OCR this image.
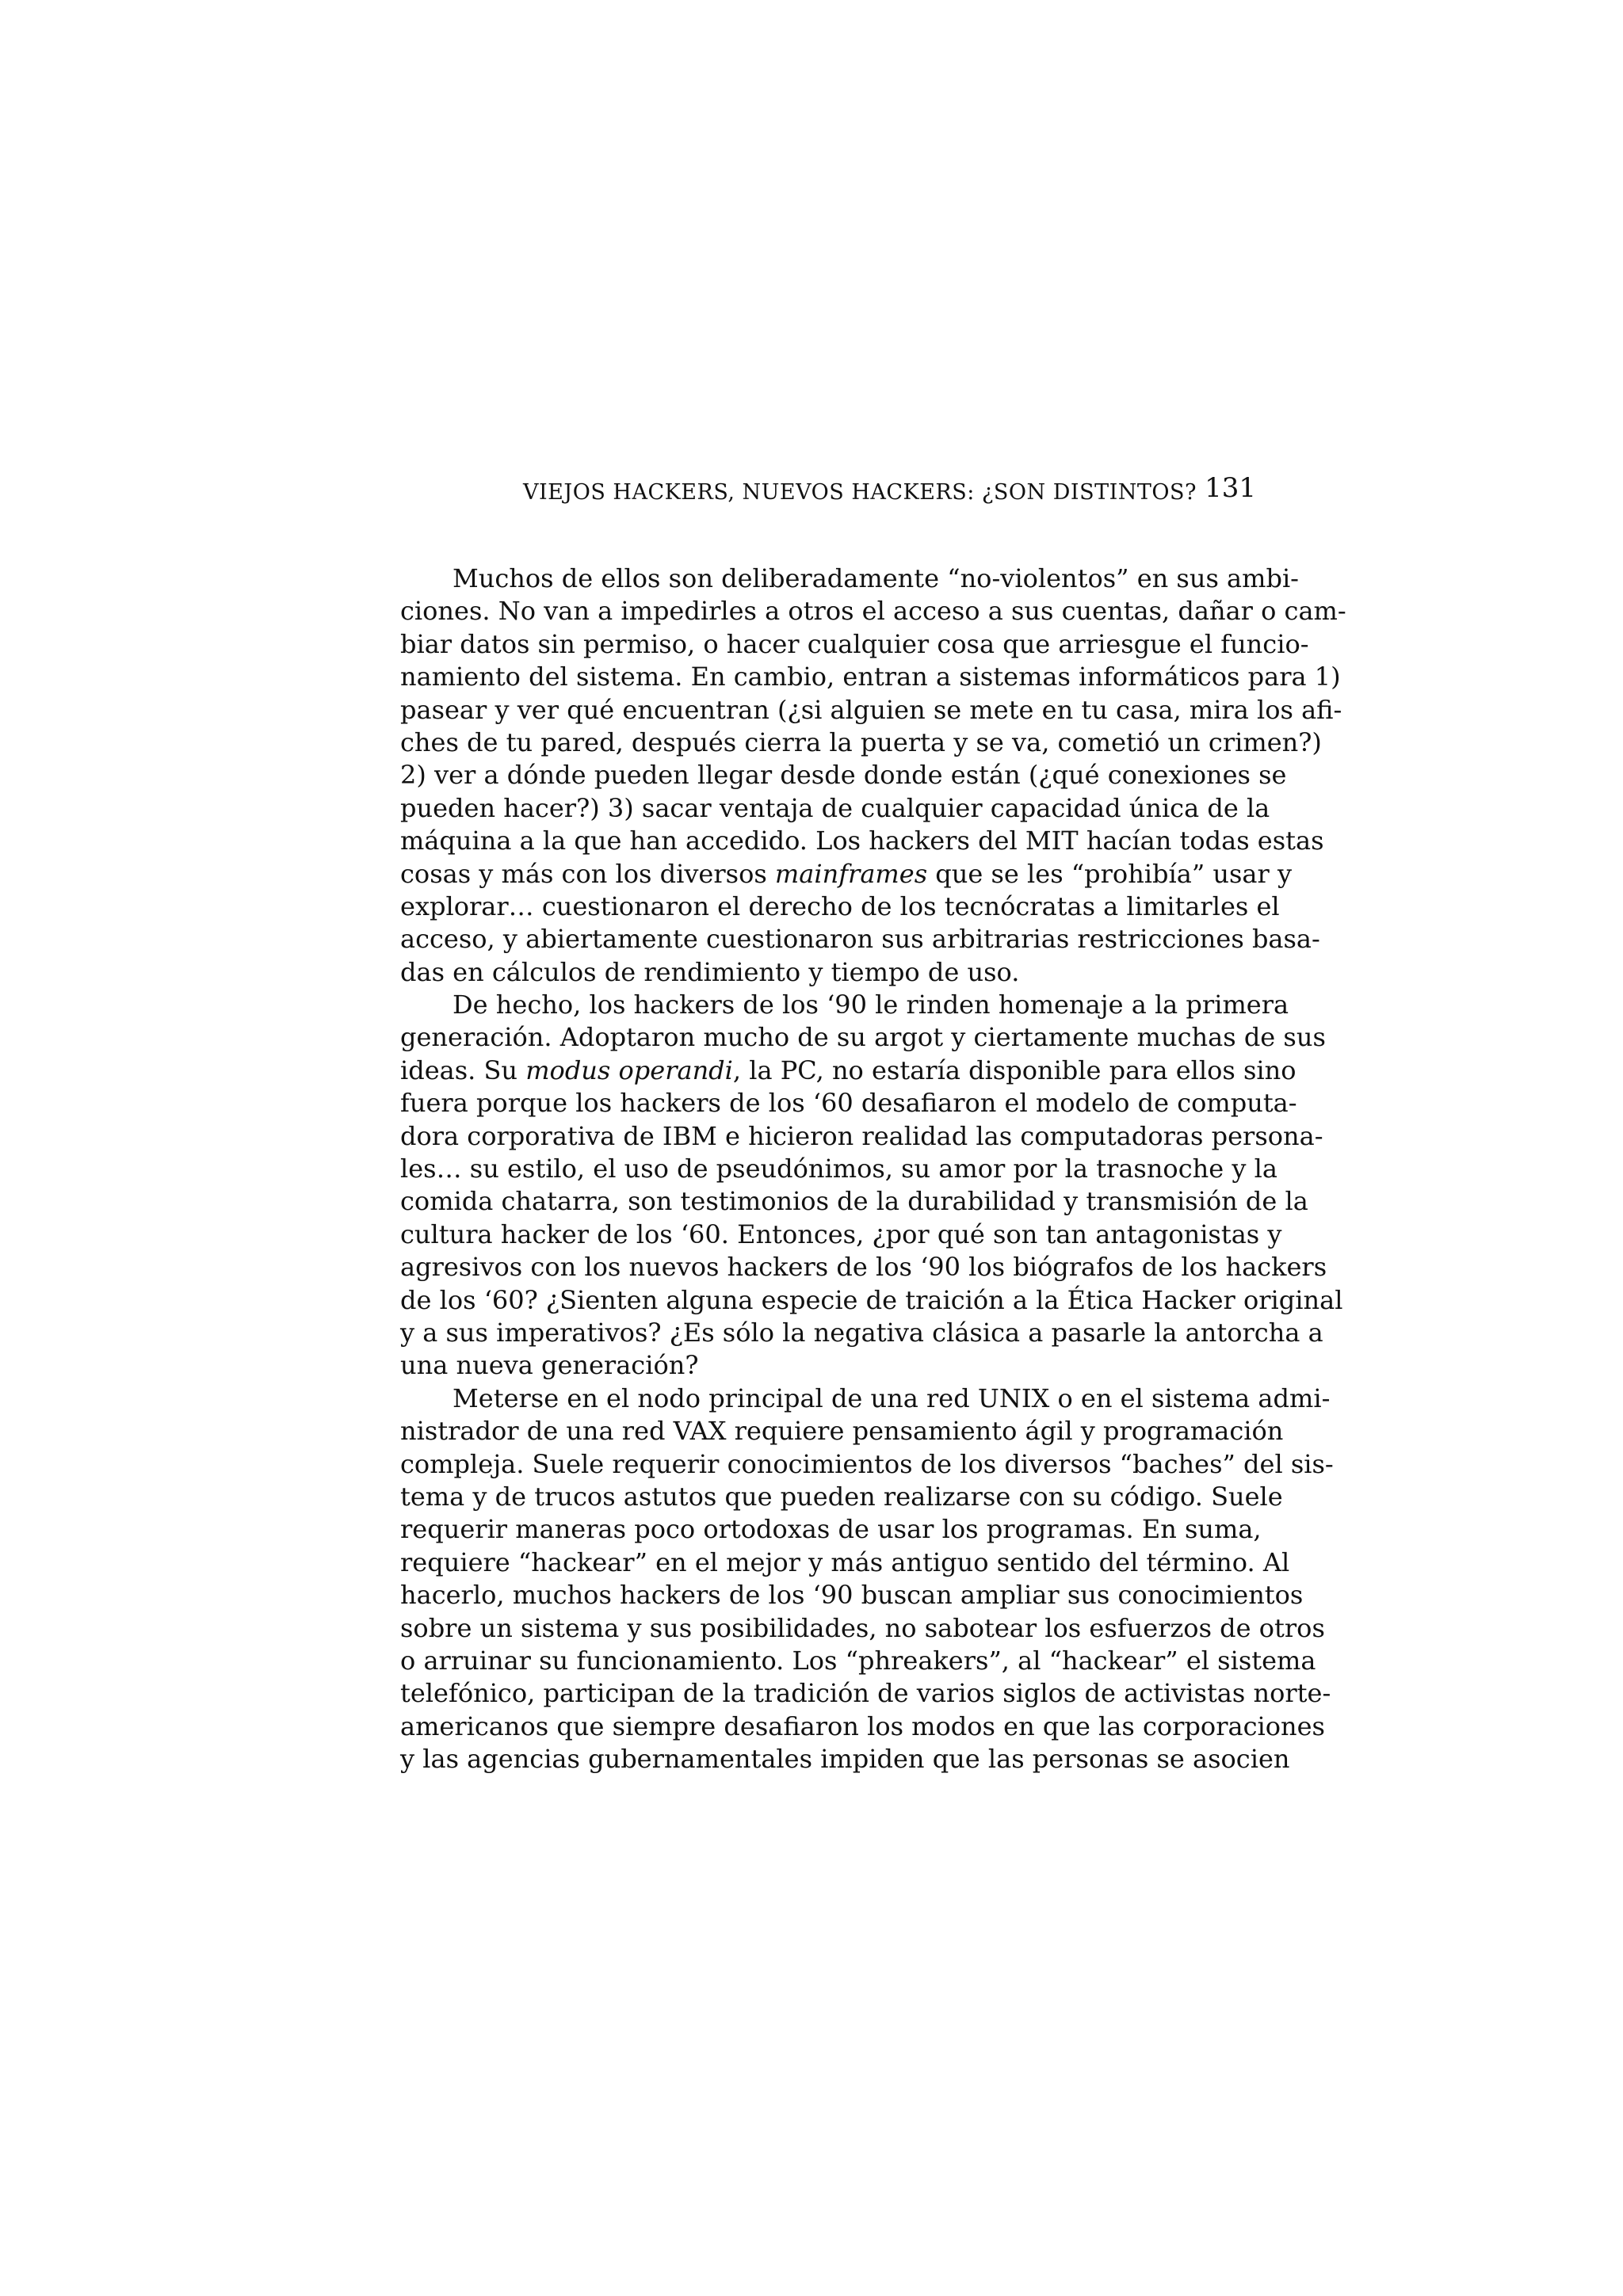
VIEJOS HACKERS, NUEVOS HACKERS: ¿SON DISTINTOS? 131
Muchos de ellos son deliberadamente “no-violentos” en sus ambi-
ciones. No van a impedirles a otros el acceso a sus cuentas, dañar o cam-
biar datos sin permiso, o hacer cualquier cosa que arriesgue el funcio-
namiento del sistema. En cambio, entran a sistemas informáticos para 1)
pasear y ver qué encuentran (¿si alguien se mete en tu casa, mira los afi-
ches de tu pared, después cierra la puerta y se va, cometió un crimen?)
2) ver a dónde pueden llegar desde donde están (¿qué conexiones se
pueden hacer?) 3) sacar ventaja de cualquier capacidad única de la
máquina a la que han accedido. Los hackers del MIT hacían todas estas
cosas y más con los diversos mainframes que se les “prohibía” usar y
explorar… cuestionaron el derecho de los tecnócratas a limitarles el
acceso, y abiertamente cuestionaron sus arbitrarias restricciones basa-
das en cálculos de rendimiento y tiempo de uso.
De hecho, los hackers de los ‘90 le rinden homenaje a la primera
generación. Adoptaron mucho de su argot y ciertamente muchas de sus
ideas. Su modus operandi, la PC, no estaría disponible para ellos sino
fuera porque los hackers de los ‘60 desafiaron el modelo de computa-
dora corporativa de IBM e hicieron realidad las computadoras persona-
les… su estilo, el uso de pseudónimos, su amor por la trasnoche y la
comida chatarra, son testimonios de la durabilidad y transmisión de la
cultura hacker de los ‘60. Entonces, ¿por qué son tan antagonistas y
agresivos con los nuevos hackers de los ‘90 los biógrafos de los hackers
de los ‘60? ¿Sienten alguna especie de traición a la Ética Hacker original
y a sus imperativos? ¿Es sólo la negativa clásica a pasarle la antorcha a
una nueva generación?
Meterse en el nodo principal de una red UNIX o en el sistema admi-
nistrador de una red VAX requiere pensamiento ágil y programación
compleja. Suele requerir conocimientos de los diversos “baches” del sis-
tema y de trucos astutos que pueden realizarse con su código. Suele
requerir maneras poco ortodoxas de usar los programas. En suma,
requiere “hackear” en el mejor y más antiguo sentido del término. Al
hacerlo, muchos hackers de los ‘90 buscan ampliar sus conocimientos
sobre un sistema y sus posibilidades, no sabotear los esfuerzos de otros
o arruinar su funcionamiento. Los “phreakers”, al “hackear” el sistema
telefónico, participan de la tradición de varios siglos de activistas norte-
americanos que siempre desafiaron los modos en que las corporaciones
y las agencias gubernamentales impiden que las personas se asocien
